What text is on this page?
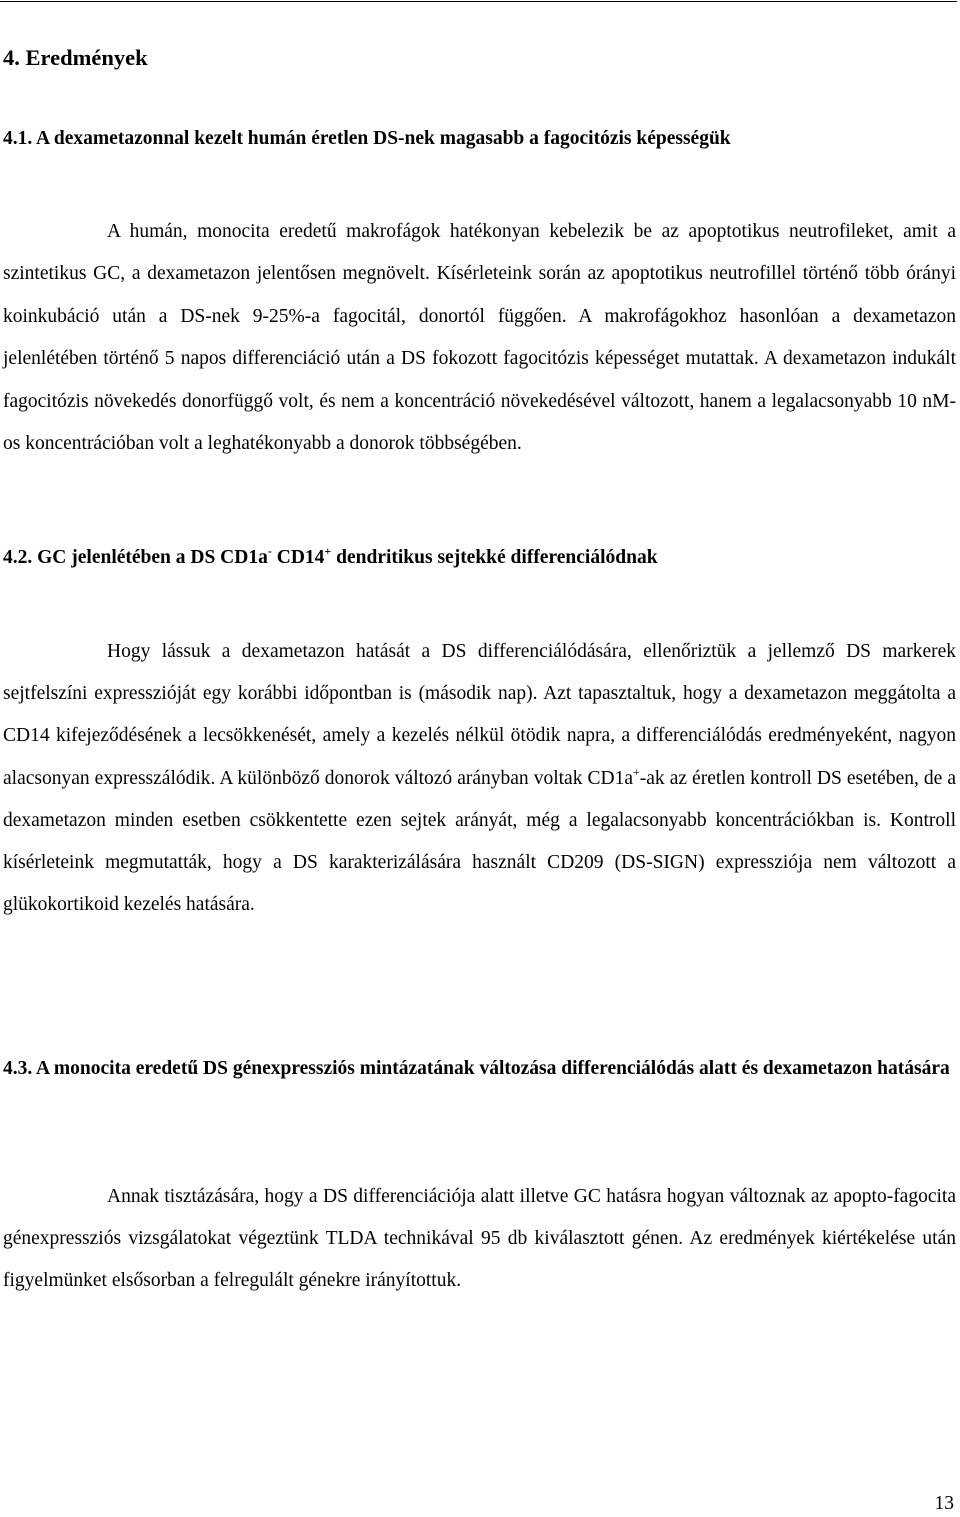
4. Eredmények
4.1. A dexametazonnal kezelt humán éretlen DS-nek magasabb a fagocitózis képességük

A humán, monocita eredetű makrofágok hatékonyan kebelezik be az apoptotikus neutrofileket, amit a szintetikus GC, a dexametazon jelentősen megnövelt. Kísérleteink során az apoptotikus neutrofillel történő több órányi koinkubáció után a DS-nek 9-25%-a fagocitál, donortól függően. A makrofágokhoz hasonlóan a dexametazon jelenlétében történő 5 napos differenciáció után a DS fokozott fagocitózis képességet mutattak. A dexametazon indukált fagocitózis növekedés donorfüggő volt, és nem a koncentráció növekedésével változott, hanem a legalacsonyabb 10 nM-os koncentrációban volt a leghatékonyabb a donorok többségében.

4.2. GC jelenlétében a DS CD1a- CD14+ dendritikus sejtekké differenciálódnak

Hogy lássuk a dexametazon hatását a DS differenciálódására, ellenőriztük a jellemző DS markerek sejtfelszíni expresszióját egy korábbi időpontban is (második nap). Azt tapasztaltuk, hogy a dexametazon meggátolta a CD14 kifejeződésének a lecsökkenését, amely a kezelés nélkül ötödik napra, a differenciálódás eredményeként, nagyon alacsonyan expresszálódik. A különböző donorok változó arányban voltak CD1a+-ak az éretlen kontroll DS esetében, de a dexametazon minden esetben csökkentette ezen sejtek arányát, még a legalacsonyabb koncentrációkban is. Kontroll kísérleteink megmutatták, hogy a DS karakterizálására használt CD209 (DS-SIGN) expressziója nem változott a glükokortikoid kezelés hatására.

4.3. A monocita eredetű DS génexpressziós mintázatának változása differenciálódás alatt és dexametazon hatására

Annak tisztázására, hogy a DS differenciációja alatt illetve GC hatásra hogyan változnak az apopto-fagocita génexpressziós vizsgálatokat végeztünk TLDA technikával 95 db kiválasztott génen. Az eredmények kiértékelése után figyelmünket elsősorban a felregulált génekre irányítottuk.

13
